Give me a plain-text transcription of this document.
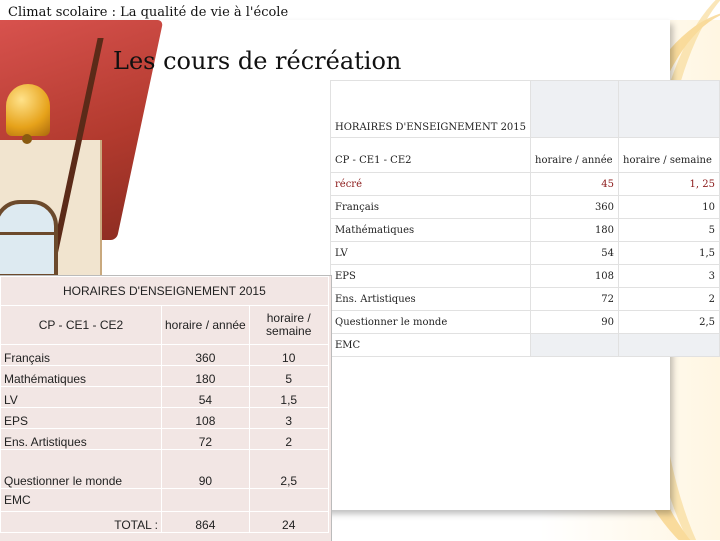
Climat scolaire : La qualité de vie à l'école
Les cours de récréation
HORAIRES D'ENSEIGNEMENT 2015		
CP - CE1 - CE2	horaire / année	horaire / semaine
récré	45	1, 25
Français	360	10
Mathématiques	180	5
LV	54	1,5
EPS	108	3
Ens. Artistiques	72	2
Questionner le monde	90	2,5
EMC		
HORAIRES D'ENSEIGNEMENT 2015		
CP - CE1 - CE2	horaire / année	horaire /
semaine
Français	360	10
Mathématiques	180	5
LV	54	1,5
EPS	108	3
Ens. Artistiques	72	2
Questionner le monde	90	2,5
EMC		
TOTAL :	864	24
